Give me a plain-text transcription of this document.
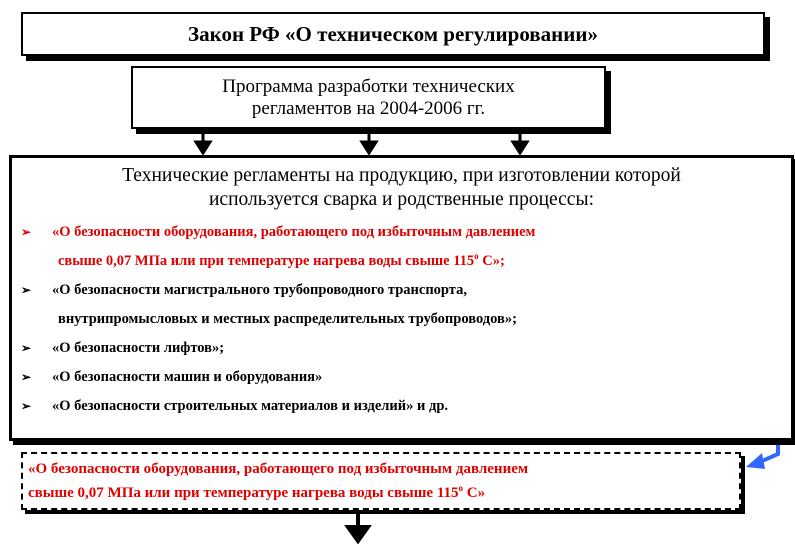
Закон РФ «О техническом регулировании»
Программа разработки технических
регламентов на 2004-2006 гг.
Технические регламенты на продукцию, при изготовлении которой
используется сварка и родственные процессы:
➢ «О безопасности оборудования, работающего под избыточным давлением
свыше 0,07 МПа или при температуре нагрева воды свыше $115^о$ С»;
➢ «О безопасности магистрального трубопроводного транспорта,
внутрипромысловых и местных распределительных трубопроводов»;
➢ «О безопасности лифтов»;
➢ «О безопасности машин и оборудования»
➢ «О безопасности строительных материалов и изделий» и др.
«О безопасности оборудования, работающего под избыточным давлением
свыше 0,07 МПа или при температуре нагрева воды свыше $115^о$ С»
